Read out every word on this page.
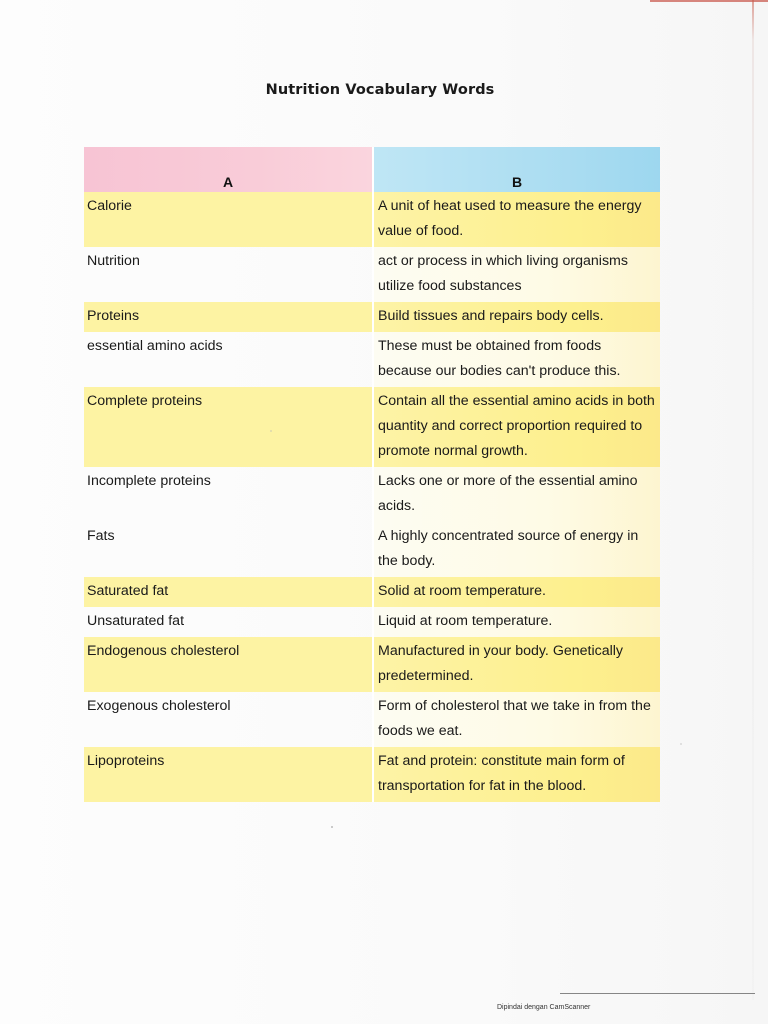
Nutrition Vocabulary Words
A	B
Calorie	A unit of heat used to measure the energy value of food.
Nutrition	act or process in which living organisms utilize food substances
Proteins	Build tissues and repairs body cells.
essential amino acids	These must be obtained from foods because our bodies can't produce this.
Complete proteins	Contain all the essential amino acids in both quantity and correct proportion required to promote normal growth.
Incomplete proteins	Lacks one or more of the essential amino acids.
Fats	A highly concentrated source of energy in the body.
Saturated fat	Solid at room temperature.
Unsaturated fat	Liquid at room temperature.
Endogenous cholesterol	Manufactured in your body. Genetically predetermined.
Exogenous cholesterol	Form of cholesterol that we take in from the foods we eat.
Lipoproteins	Fat and protein: constitute main form of transportation for fat in the blood.
Dipindai dengan CamScanner
